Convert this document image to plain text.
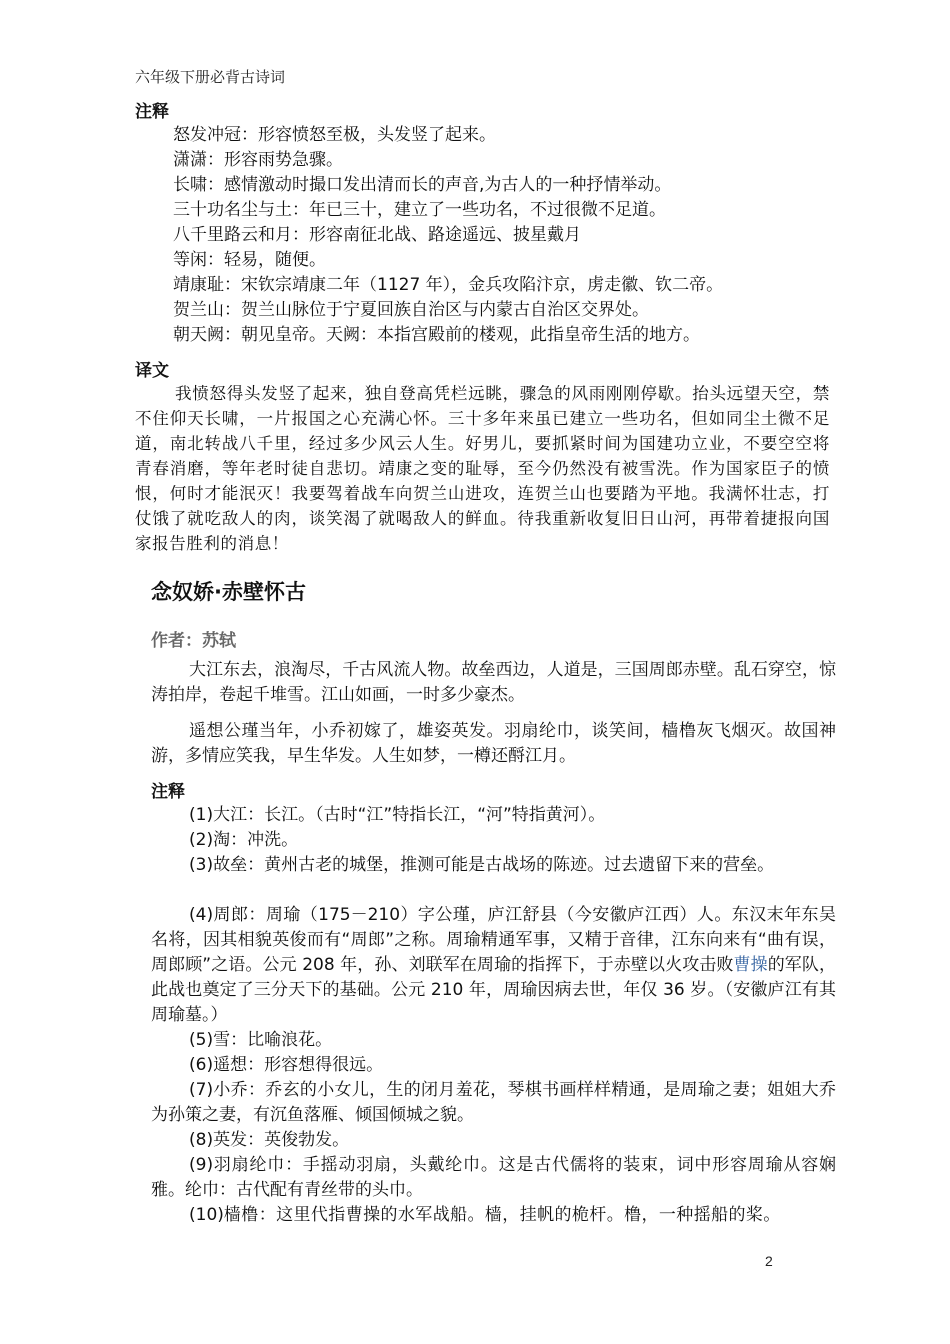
六年级下册必背古诗词
注释
怒发冲冠：形容愤怒至极，头发竖了起来。
潇潇：形容雨势急骤。
长啸：感情激动时撮口发出清而长的声音,为古人的一种抒情举动。
三十功名尘与土：年已三十，建立了一些功名，不过很微不足道。
八千里路云和月：形容南征北战、路途遥远、披星戴月
等闲：轻易，随便。
靖康耻：宋钦宗靖康二年（1127 年），金兵攻陷汴京，虏走徽、钦二帝。
贺兰山：贺兰山脉位于宁夏回族自治区与内蒙古自治区交界处。
朝天阙：朝见皇帝。天阙：本指宫殿前的楼观，此指皇帝生活的地方。
译文
我愤怒得头发竖了起来，独自登高凭栏远眺，骤急的风雨刚刚停歇。抬头远望天空，禁不住仰天长啸，一片报国之心充满心怀。三十多年来虽已建立一些功名，但如同尘土微不足道，南北转战八千里，经过多少风云人生。好男儿，要抓紧时间为国建功立业，不要空空将青春消磨，等年老时徒自悲切。靖康之变的耻辱，至今仍然没有被雪洗。作为国家臣子的愤恨，何时才能泯灭！我要驾着战车向贺兰山进攻，连贺兰山也要踏为平地。我满怀壮志，打仗饿了就吃敌人的肉，谈笑渴了就喝敌人的鲜血。待我重新收复旧日山河，再带着捷报向国家报告胜利的消息！
念奴娇·赤壁怀古
作者：苏轼
大江东去，浪淘尽，千古风流人物。故垒西边，人道是，三国周郎赤壁。乱石穿空，惊涛拍岸，卷起千堆雪。江山如画，一时多少豪杰。
遥想公瑾当年，小乔初嫁了，雄姿英发。羽扇纶巾，谈笑间，樯橹灰飞烟灭。故国神游，多情应笑我，早生华发。人生如梦，一樽还酹江月。
注释
(1)大江：长江。（古时“江”特指长江，“河”特指黄河）。
(2)淘：冲洗。
(3)故垒：黄州古老的城堡，推测可能是古战场的陈迹。过去遗留下来的营垒。
(4)周郎：周瑜（175－210）字公瑾，庐江舒县（今安徽庐江西）人。东汉末年东吴名将，因其相貌英俊而有“周郎”之称。周瑜精通军事，又精于音律，江东向来有“曲有误，周郎顾”之语。公元 208 年，孙、刘联军在周瑜的指挥下，于赤壁以火攻击败曹操的军队，此战也奠定了三分天下的基础。公元 210 年，周瑜因病去世，年仅 36 岁。（安徽庐江有其周瑜墓。）
(5)雪：比喻浪花。
(6)遥想：形容想得很远。
(7)小乔：乔玄的小女儿，生的闭月羞花，琴棋书画样样精通，是周瑜之妻；姐姐大乔为孙策之妻，有沉鱼落雁、倾国倾城之貌。
(8)英发：英俊勃发。
(9)羽扇纶巾：手摇动羽扇，头戴纶巾。这是古代儒将的装束，词中形容周瑜从容娴雅。纶巾：古代配有青丝带的头巾。
(10)樯橹：这里代指曹操的水军战船。樯，挂帆的桅杆。橹，一种摇船的桨。
2
